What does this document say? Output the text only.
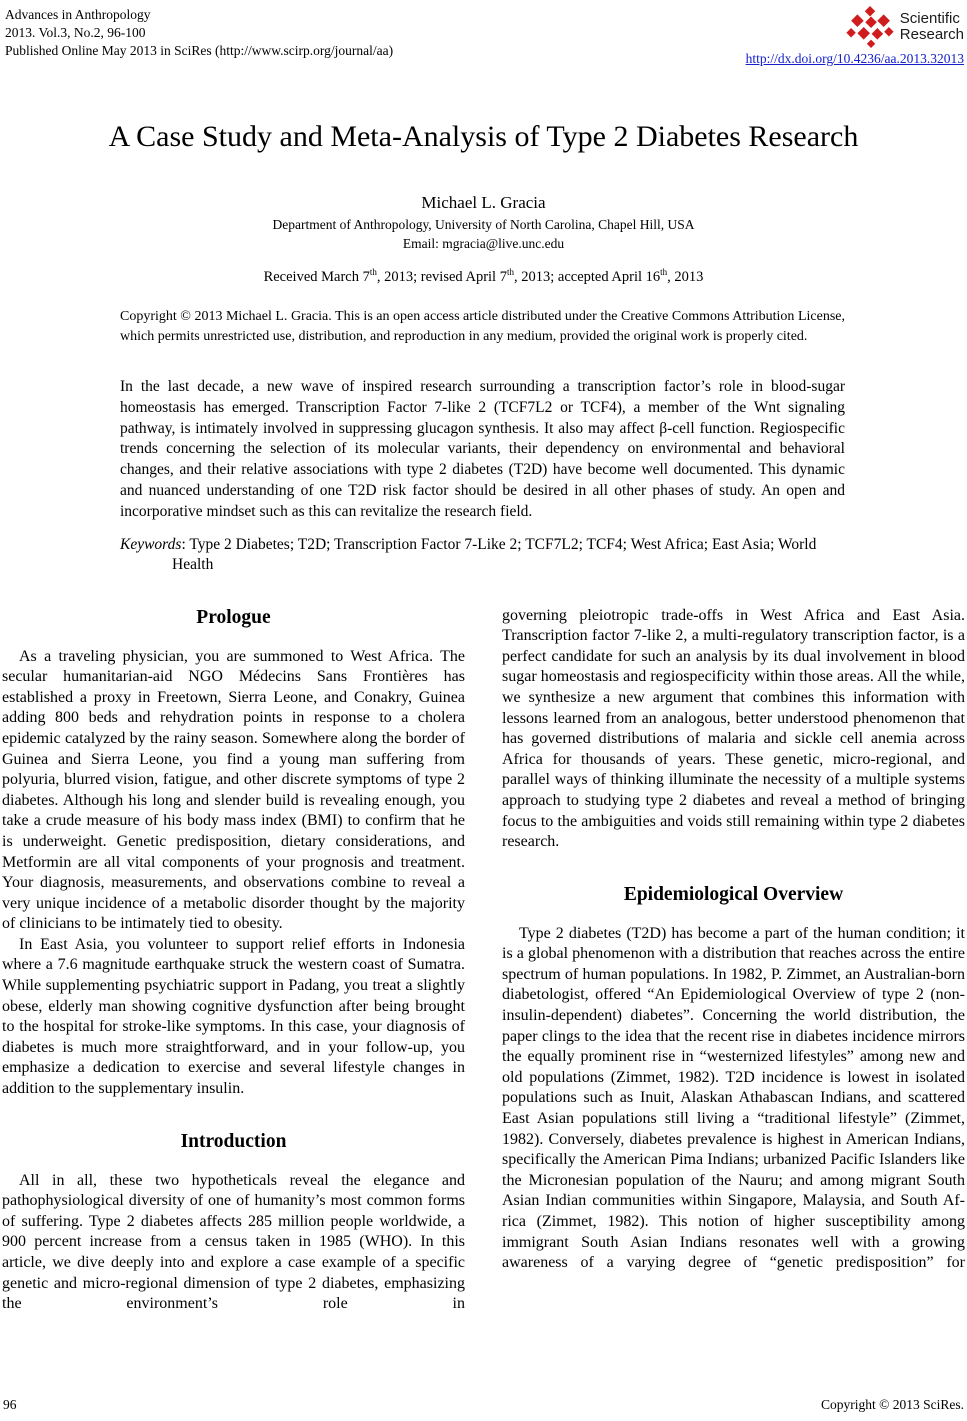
Advances in Anthropology
2013. Vol.3, No.2, 96-100
Published Online May 2013 in SciRes (http://www.scirp.org/journal/aa)
Scientific
Research
http://dx.doi.org/10.4236/aa.2013.32013
A Case Study and Meta-Analysis of Type 2 Diabetes Research
Michael L. Gracia
Department of Anthropology, University of North Carolina, Chapel Hill, USA
Email: mgracia@live.unc.edu
Received March 7th, 2013; revised April 7th, 2013; accepted April 16th, 2013

Copyright © 2013 Michael L. Gracia. This is an open access article distributed under the Creative Commons Attribution License, which permits unrestricted use, distribution, and reproduction in any medium, provided the original work is properly cited.

In the last decade, a new wave of inspired research surrounding a transcription factor’s role in blood-sugar homeostasis has emerged. Transcription Factor 7-like 2 (TCF7L2 or TCF4), a member of the Wnt signaling pathway, is intimately involved in suppressing glucagon synthesis. It also may affect β-cell function. Regiospecific trends concerning the selection of its molecular variants, their dependency on environmental and behavioral changes, and their relative associations with type 2 diabetes (T2D) have become well documented. This dynamic and nuanced understanding of one T2D risk factor should be desired in all other phases of study. An open and incorporative mindset such as this can revitalize the research field.

Keywords: Type 2 Diabetes; T2D; Transcription Factor 7-Like 2; TCF7L2; TCF4; West Africa; East Asia; World Health

Prologue

As a traveling physician, you are summoned to West Africa. The secular humanitarian-aid NGO Médecins Sans Frontières has established a proxy in Freetown, Sierra Leone, and Conakry, Guinea adding 800 beds and rehydration points in response to a cholera epidemic catalyzed by the rainy season. Somewhere along the border of Guinea and Sierra Leone, you find a young man suffering from polyuria, blurred vision, fatigue, and other discrete symptoms of type 2 diabetes. Although his long and slender build is revealing enough, you take a crude measure of his body mass index (BMI) to confirm that he is underweight. Genetic predisposition, dietary considerations, and Metformin are all vital components of your prognosis and treatment. Your diagnosis, measurements, and observations combine to reveal a very unique incidence of a metabolic disorder thought by the majority of clinicians to be intimately tied to obesity.

In East Asia, you volunteer to support relief efforts in Indonesia where a 7.6 magnitude earthquake struck the western coast of Sumatra. While supplementing psychiatric support in Padang, you treat a slightly obese, elderly man showing cognitive dysfunction after being brought to the hospital for stroke-like symptoms. In this case, your diagnosis of diabetes is much more straightforward, and in your follow-up, you emphasize a dedication to exercise and several lifestyle changes in addition to the supplementary insulin.

Introduction

All in all, these two hypotheticals reveal the elegance and pathophysiological diversity of one of humanity’s most common forms of suffering. Type 2 diabetes affects 285 million people worldwide, a 900 percent increase from a census taken in 1985 (WHO). In this article, we dive deeply into and explore a case example of a specific genetic and micro-regional dimension of type 2 diabetes, emphasizing the environment’s role in

governing pleiotropic trade-offs in West Africa and East Asia. Transcription factor 7-like 2, a multi-regulatory transcription factor, is a perfect candidate for such an analysis by its dual involvement in blood sugar homeostasis and regiospecificity within those areas. All the while, we synthesize a new argument that combines this information with lessons learned from an analogous, better understood phenomenon that has governed distributions of malaria and sickle cell anemia across Africa for thousands of years. These genetic, micro-regional, and parallel ways of thinking illuminate the necessity of a multiple systems approach to studying type 2 diabetes and reveal a method of bringing focus to the ambiguities and voids still remaining within type 2 diabetes research.

Epidemiological Overview

Type 2 diabetes (T2D) has become a part of the human condition; it is a global phenomenon with a distribution that reaches across the entire spectrum of human populations. In 1982, P. Zimmet, an Australian-born diabetologist, offered “An Epidemiological Overview of type 2 (non-insulin-dependent) diabetes”. Concerning the world distribution, the paper clings to the idea that the recent rise in diabetes incidence mirrors the equally prominent rise in “westernized lifestyles” among new and old populations (Zimmet, 1982). T2D incidence is lowest in isolated populations such as Inuit, Alaskan Athabascan Indians, and scattered East Asian populations still living a “traditional lifestyle” (Zimmet, 1982). Conversely, diabetes prevalence is highest in American Indians, specifically the American Pima Indians; urbanized Pacific Islanders like the Micronesian population of the Nauru; and among migrant South Asian Indian communities within Singapore, Malaysia, and South Africa (Zimmet, 1982). This notion of higher susceptibility among immigrant South Asian Indians resonates well with a growing awareness of a varying degree of “genetic predisposition” for

96	Copyright © 2013 SciRes.
